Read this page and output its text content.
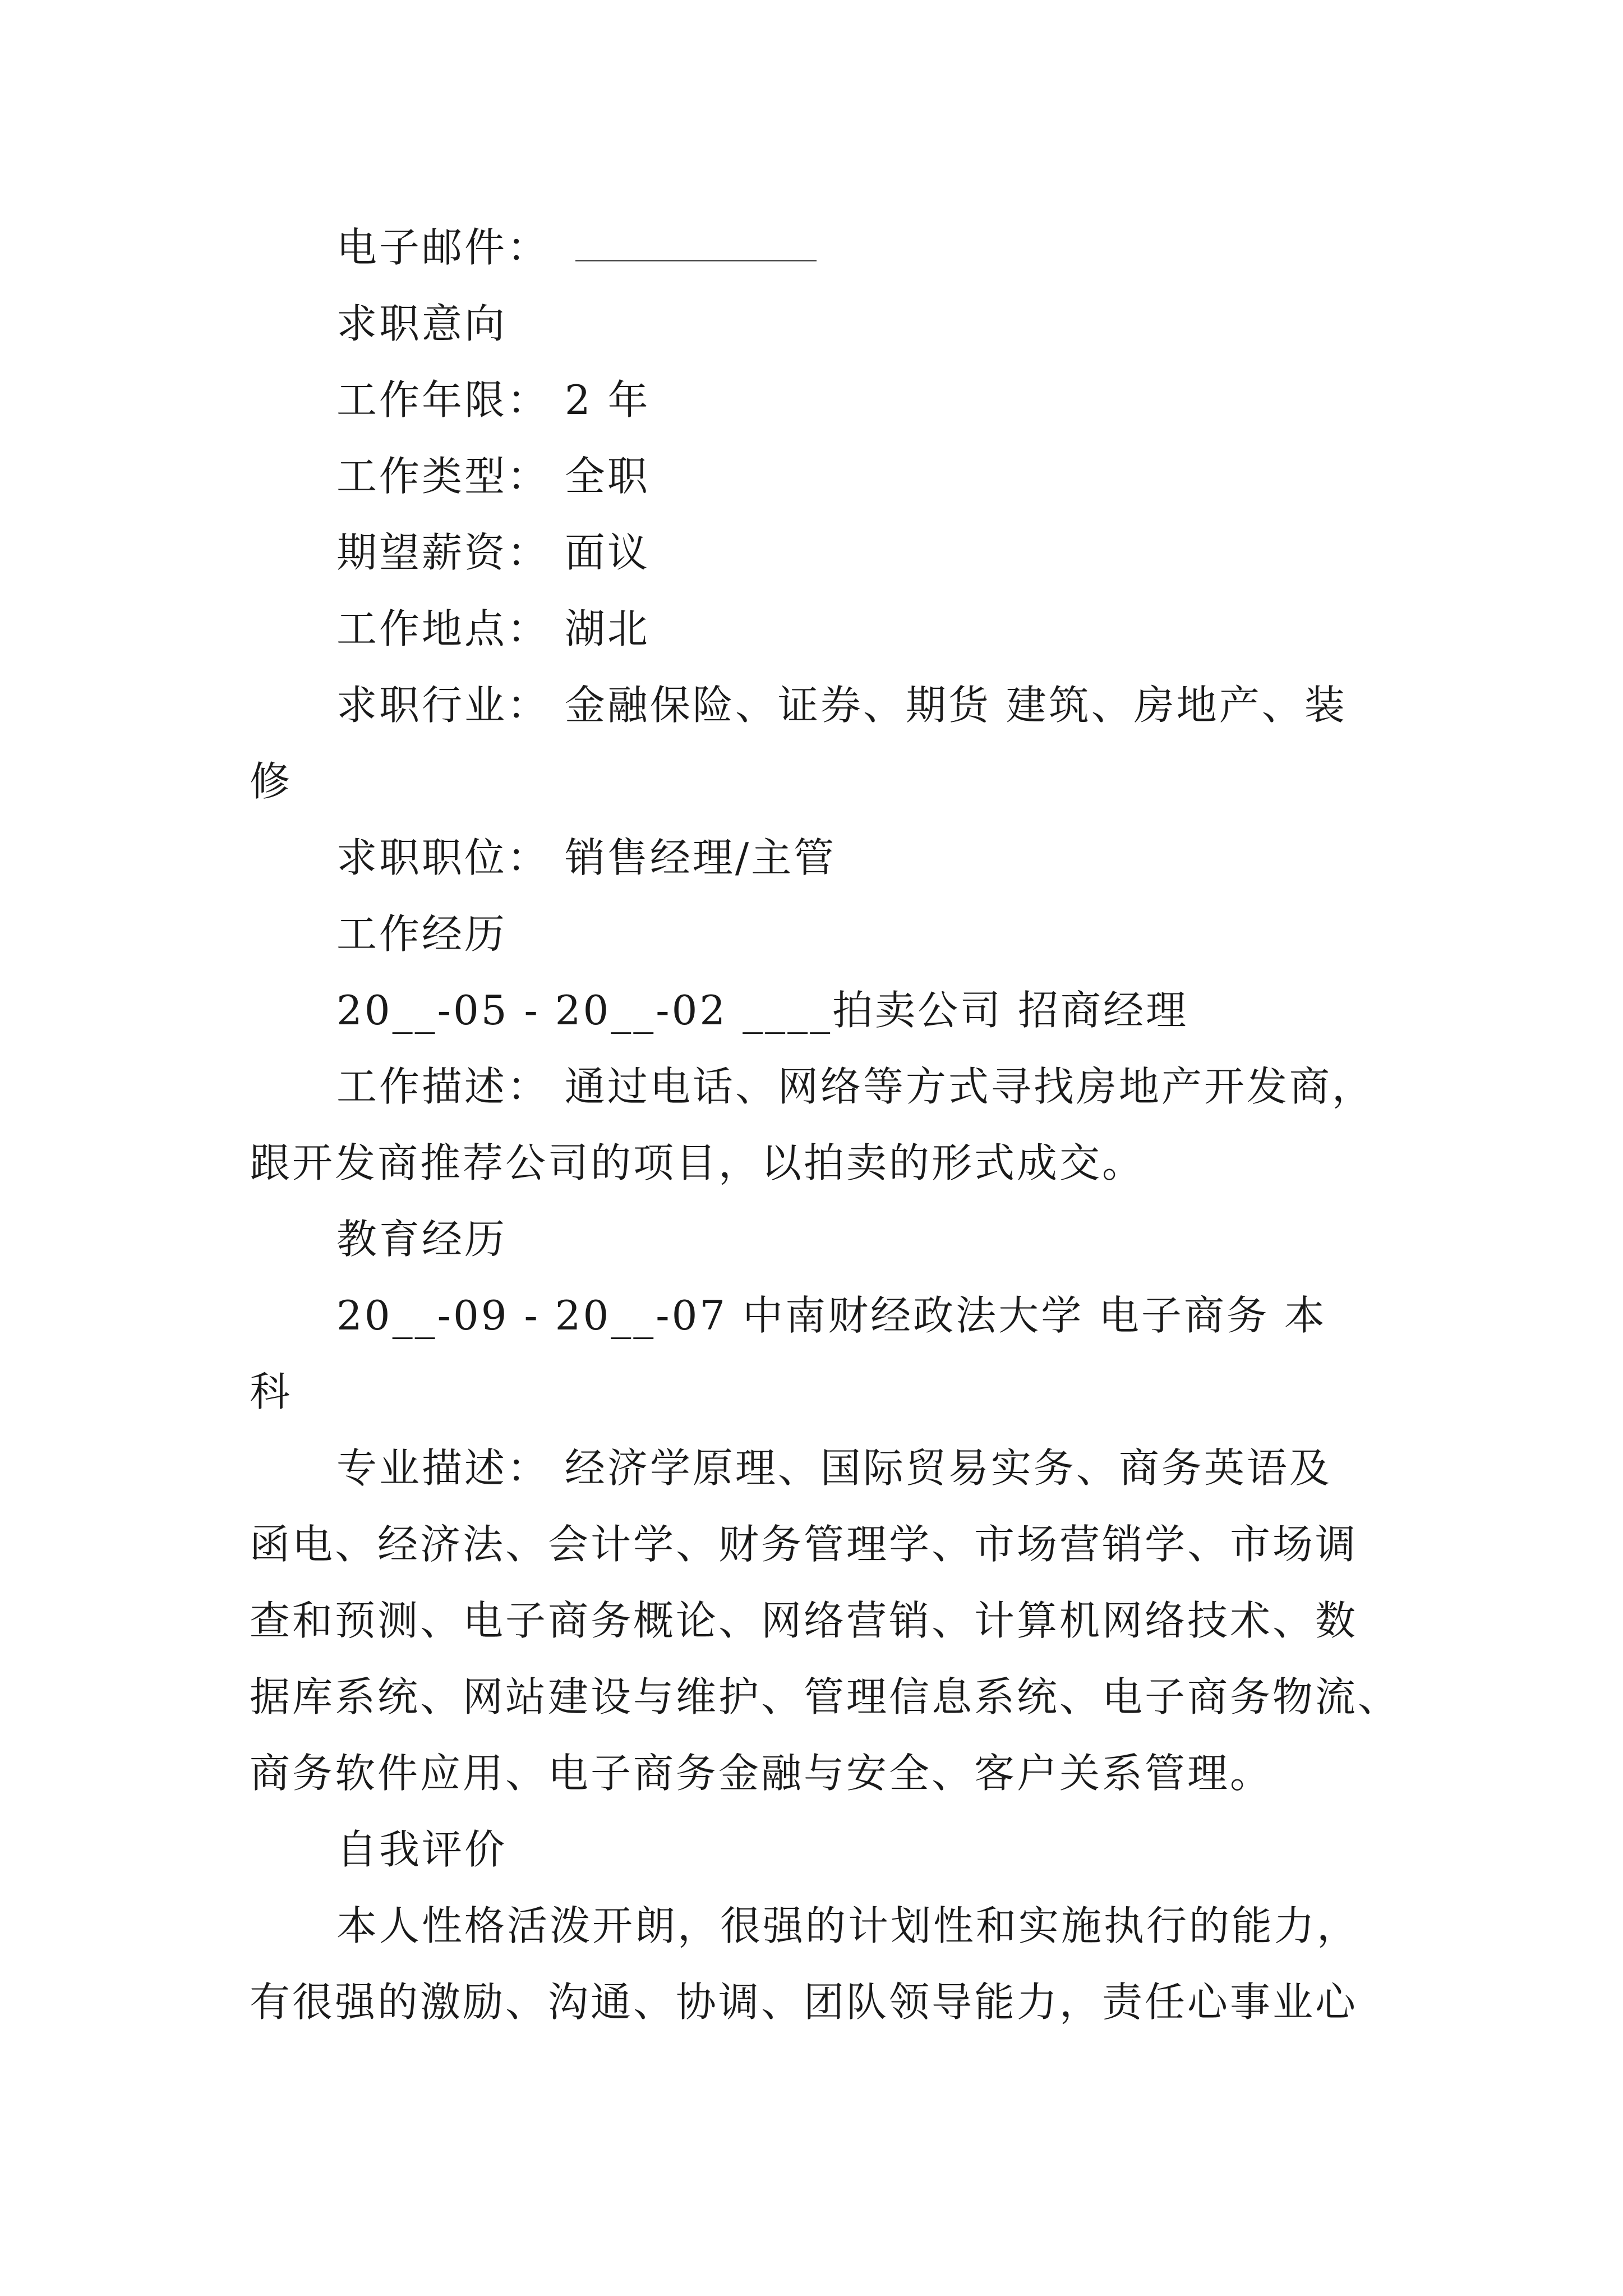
电子邮件：
求职意向
工作年限： 2 年
工作类型： 全职
期望薪资： 面议
工作地点： 湖北
求职行业： 金融保险、证券、期货 建筑、房地产、装
修
求职职位： 销售经理/主管
工作经历
20__-05 - 20__-02 ____拍卖公司 招商经理
工作描述： 通过电话、网络等方式寻找房地产开发商，
跟开发商推荐公司的项目，以拍卖的形式成交。
教育经历
20__-09 - 20__-07 中南财经政法大学 电子商务 本
科
专业描述： 经济学原理、国际贸易实务、商务英语及
函电、经济法、会计学、财务管理学、市场营销学、市场调
查和预测、电子商务概论、网络营销、计算机网络技术、数
据库系统、网站建设与维护、管理信息系统、电子商务物流、
商务软件应用、电子商务金融与安全、客户关系管理。
自我评价
本人性格活泼开朗，很强的计划性和实施执行的能力，
有很强的激励、沟通、协调、团队领导能力，责任心事业心
